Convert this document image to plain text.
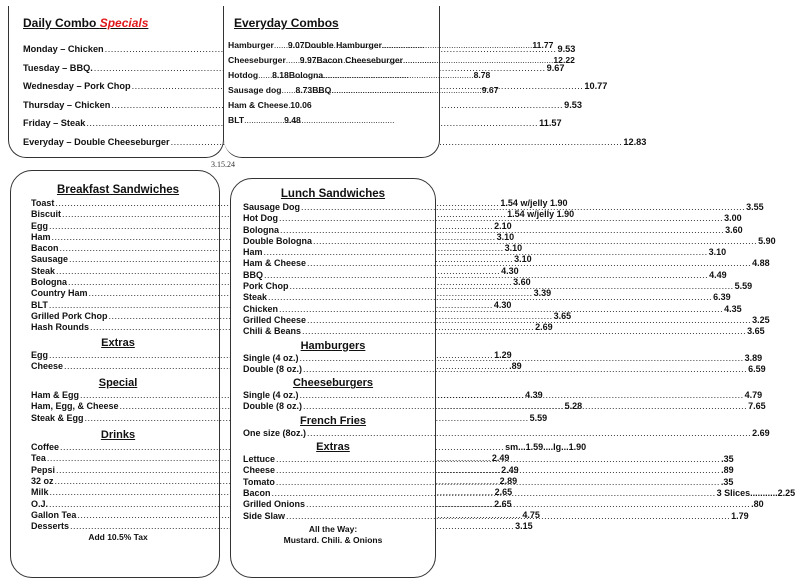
Daily Combo Specials
Monday – Chicken .....	9.53
Tuesday – BBQ. .....	9.67
Wednesday – Pork Chop .....	10.77
Thursday – Chicken .....	9.53
Friday – Steak .....	11.57
Everyday – Double Cheeseburger .....	12.83
Everyday Combos
Hamburger ..... 9.07 Double Hamburger .....	11.77
Cheeseburger ..... 9.97 Bacon Cheeseburger .....	12.22
Hotdog ..... 8.18 Bologna .....	8.78
Sausage dog ..... 8.73 BBQ .....	9.67
Ham & Cheese ..... 10.06
BLT .....	9.48
3.15.24
Breakfast Sandwiches
Toast .....	1.54 w/jelly 1.90
Biscuit .....	1.54 w/jelly 1.90
Egg .....	2.10
Ham .....	3.10
Bacon .....	3.10
Sausage .....	3.10
Steak .....	4.30
Bologna .....	3.60
Country Ham .....	3.39
BLT .....	4.30
Grilled Pork Chop .....	3.65
Hash Rounds .....	2.69
Extras
Egg .....	1.29
Cheese .....	.89
Special
Ham & Egg .....	4.39
Ham, Egg, & Cheese .....	5.28
Steak & Egg .....	5.59
Drinks
Coffee .....	sm...1.59....lg...1.90
Tea .....	2.49
Pepsi .....	2.49
32 oz .....	2.89
Milk .....	2.65
O.J. .....	2.65
Gallon Tea .....	4.75
Desserts .....	3.15
Add 10.5% Tax
Lunch Sandwiches
Sausage Dog .....	3.55
Hot Dog .....	3.00
Bologna .....	3.60
Double Bologna .....	5.90
Ham .....	3.10
Ham & Cheese .....	4.88
BBQ .....	4.49
Pork Chop .....	5.59
Steak .....	6.39
Chicken .....	4.35
Grilled Cheese .....	3.25
Chili & Beans .....	3.65
Hamburgers
Single (4 oz.) .....	3.89
Double (8 oz.) .....	6.59
Cheeseburgers
Single (4 oz.) .....	4.79
Double (8 oz.) .....	7.65
French Fries
One size (8oz.) .....	2.69
Extras
Lettuce .....	.35
Cheese .....	.89
Tomato .....	.35
Bacon .....	3 Slices...........2.25
Grilled Onions .....	.80
Side Slaw .....	1.79
All the Way:
Mustard. Chili. & Onions
